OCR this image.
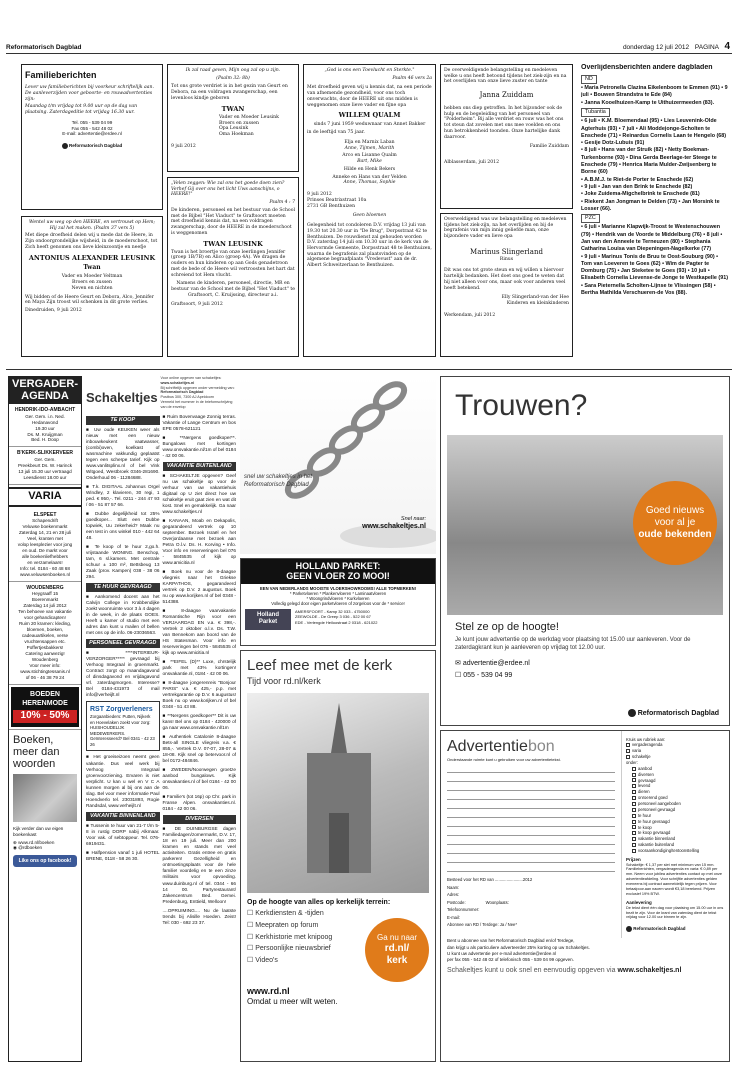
Reformatorisch Dagblad	donderdag 12 juli 2012 PAGINA 4
Familieberichten

Lever uw familieberichten bij voorkeur schriftelijk aan. De aanleverzijden voor geboorte- en rouwadvertenties zijn:

Maandag t/m vrijdag tot 9.00 uur op de dag van plaatsing. Zaterdageditie tot vrijdag 16.30 uur.

Tel. 055 - 539 04 99
Fax 055 - 542 48 02
E-mail: advertentie@erdee.nl
Reformatorisch Dagblad

Wentel uw weg op den HEERE, en vertrouwt op Hem; Hij zal het maken. (Psalm 37 vers 5)

Met diepe droefheid delen wij u mede dat de Heere, in Zijn ondoorgrondelijke wijsheid, in de moederschoot, tot Zich heeft genomen ons lieve kleinzoontje en neefje

ANTONIUS ALEXANDER LEUSINK
Twan
Vader en Moeder Veltman
Broers en zussen
Neven en nichten

Wij bidden of de Heere Geurt en Debora, Alco, Jennifer en Maya Zijn troost wil schenken in dit grote verlies.

Dinedruiden, 9 juli 2012

Ik zal raad geven, Mijn oog zal op u zijn.

(Psalm 32: 8b)

Tot ons grote verdriet is in het gezin van Geurt en Debora, na een voldragen zwangerschap, een levenloos kindje geboren

TWAN
Vader en Moeder Leusink
Broers en zussen
Opa Leusink
Oma Hoekman

9 juli 2012

„Velen zeggen: Wie zal ons het goede doen zien? Verhef Gij over ons het licht Uws aanschijns, o HEERE!"

Psalm 4 : 7

De kinderen, personeel en het bestuur van de School met de Bijbel "Het Viaduct" te Graftsoort moeten met droefheid kennis dat, na een voldragen zwangerschap, door de HEERE in de moederschoot is weggenomen

TWAN LEUSINK

Twan is het broertje van onze leerlingen Jennifer (groep 1B/7B) en Alico (groep 4A). We dragen de ouders en hun kinderen op aan Gods genadetroon met de bede of de Heere wil vertroosten het hart dat schreiend tot Hem vlucht.

Namens de kinderen, personeel, directie, MR en bestuur van de School met de Bijbel "Het Viaduct" te Graftsoort, C. Kruijssing, directeur a.i.

Graftsoort, 9 juli 2012

„God is ons een Toevlucht en Sterkte."

Psalm 46 vers 2a

Met droefheid geven wij u kennis dat, na een periode van afnemende gezondheid, voor ons toch onverwachts, door de HEERE uit ons midden is weggenomen onze lieve vader en fijne opa

WILLEM QUALM

sinds 7 juni 1959 weduwnaar van Annet Bakker

in de leeftijd van 75 jaar.

Elja en Marnix Laban
Anne, Tijmen, Marith
Arco en Lisanne Qualm
Bart, Mike
Hilde en Henk Bekers
Anneke en Hans van der Velden
Anne, Thomas, Sophie
9 juli 2012
Prinses Beatrixstraat 10a
2731 GB Benthuizen
Geen bloemen

Gelegenheid tot condoleren D.V. vrijdag 13 juli van 19.30 tot 20.30 uur in "De Brug", Dorpsstraat 42 te Benthuizen. De rouwdienst zal gehouden worden D.V. zaterdag 14 juli om 10.30 uur in de kerk van de Hervormde Gemeente, Dorpsstraat 48 te Benthuizen, waarna de begrafenis zal plaatsvinden op de algemene begraafplaats "Vredevust" aan de dr. Albert Schweitzerlaan te Benthuizen.

De overweldigende belangstelling en medeleven welke u ons heeft betoond tijdens het ziek-zijn en na het overlijden van onze lieve zuster en tante

Janna Zuiddam

hebben ons diep getroffen. In het bijzonder ook de hulp en de begeleiding van het personeel van "Polderheim". Bij alle verdriet en rouw was het ons tot steun dat zovelen met ons mee voelden en ons hun betrokkenheid toonden. Onze hartelijke dank daarvoor.

Familie Zuiddam

Alblasserdam, juli 2012

Overweldigend was uw belangstelling en medeleven tijdens het ziek-zijn, na het overlijden en bij de begrafenis van mijn innig geliefde man, onze bijzondere vader en lieve opa

Marinus Slingerland
Rinus

Dit was ons tot grote steun en wij willen u hiervoor hartelijk bedanken. Het doet ons goed te weten dat hij niet alleen voor ons, maar ook voor anderen veel heeft betekend.

Elly Slingerland-van der Hee
Kinderen en kleinkinderen

Werkendam, juli 2012

Overlijdensberichten andere dagbladen
ND
• Maria Petronella Clazina Eikelenboom te Emmen (91) • 9 juli • Bouwen Strandstra te Ede (84)
• Janna Kooelhuizen-Kamp te Uithuizermeeden (83).
Tubantia
• 6 juli • K.M. Bloemendaal (95) • Lies Leuvenink-Olde Agterhuis (93) • 7 juli • Ali Moddejonge-Scholten te Enschede (71) • Reinardus Cornelis Laan te Hengelo (68) • Gesije Dotz-Lubuis (91)
• 8 juli • Hans van der Struik (82) • Netty Boekman-Turkenborne (93) • Dina Gerda Beerlage-ter Steege te Enschede (79) • Henrica Maria Mulder-Zwijsenberg te Borne (60)
• A.B.M.J. te Riet-de Porter te Enschede (62)
• 9 juli • Jan van den Brink te Enschede (82)
• Joke Zuidema-Migchelbrink te Enschede (81)
• Riekent Jan Jongman te Delden (73) • Jan Morsink te Losser (66).
PZC
• 6 juli • Marianne Klapwijk-Troost te Westenschouwen (79) • Hendrik van de Voorde te Middelburg (76) • 8 juli • Jan van den Anneele te Terneuzen (80) • Stephania Catharina Louisa van Diepeningen-Nagelkerke (77)
• 9 juli • Marinus Tonis de Bruu te Oost-Souburg (90) • Tom van Loeveren te Goes (62) • Wim de Pagter te Domburg (75) • Jan Steketee te Goes (93) • 10 juli • Elisabeth Cornelia Lievense-de Jonge te Westkapelle (91) • Sara Pieternella Scholten-Lijnse te Vlissingen (58) • Bertha Mathilda Verschueren-de Vos (88).
VERGADER-
AGENDA
HENDRIK-IDO-AMBACHT
Ger. Gem. i.n. Ned.
Hedanavond
19.30 uur
Ds. M. Kruijgman
Bed. H. Doop
B'KERK-SLIKKERVEER
Ger. Gem.
Preekbeurt Ds. W. Harinck
13 juli 15.30 uur vertraagd
Leesdienst 18.00 uur
VARIA
ELSPEET
Schapendrift
Veluwse boekenmarkt
Zaterdag 14, 21 en 28 juli
Veel, kranten met
volop leesplezier voor jong
en oud. De markt voor
alle boekenliefhebbers
en verzamelaars!
Info: tel. 0184 - 60 48 68
www.veluwsenboeken.nl
WOUDENBERG
Heygraaff 15
Boerenmarkt
Zaterdag 14 juli 2012
Ten behoeve van vakantie
voor gehandicapten!
Ruim 20 kramen: kleding,
bloemen, boeken,
cadeauartikelen, verse
vruchtensappen etc.
Poffertjesbakkers!
Catering aanwezig!
Woudenberg
Voor meer info:
www.stichtingtessanis.nl
of 06 - 46 38 79 24
BOEDEN HERENMODE
10% - 50%
Boeken, meer dan woorden
Kijk verder dan uw eigen boekenkast
⊕ www.rd.nl/boeken
◉ @rdboeken
Like ons op facebook!
Schakeltjes
Voor online opgeven van schakeltjes:
www.schakeltjes.nl
Bij schriftelijk opgeven onder vermelding van:
Reformatorisch Dagblad
Postbus 300, 7300 AJ Apeldoorn
Vermeld het nummer in de briefomschrijving van de envelop
TE KOOP
■ Uw oude KEUKEN weer als nieuw met een nieuw inbouwkeukent vaatwasser, (combi)oven, koelkast of wasmachine vakkundig geplaatst tegen een scherpe tarief. Kijk op www.vanlitsplinx.nl of bel Vink Witgoed, Westbroek 0346-281690. Onderhoud 06 - 11284688.
■ T.k. DIGITAAL Johannus Orgel Windley, 2 klavieren, 30 regi, 1 ped. € 950,-. Tel. 0211 - 244 47 93 / 06 - 51 87 57 66.
■ Dubbe degelijkheid tot 25% goedkoper... Slutt een Dubbe topwiek, Uu zekerheid? Maak nu een test in ons winkel 010 - 442 64 48.
■ Te koop of te huur 2,go.h. vrijstaande WONING. Benschop, tam, 6 sl.kamers. Met centrale schuur ± 100 m², Bettsbeug 13 Zaak (prov. Kampen) 038 - 38 06 294.
TE HUUR GEVRAAGD
■ Aankomend docent aan het Calvijn College in Krabbendijke zoekt woonruimte voor 3 à 4 dagen in de week, in de plaats GOES. Heeft u kamer of studio met een adres dan kunt u mailen of bellen met ons op de info. 06-23036563.
PERSONEEL GEVRAAGD
■ ****INTERIEUR-VERZORGER***** gevraagd bij Verhoog Integraal in groenmarkt. Contract zorgt op maandagavond of dinsdagavond en vrijdagavond vrl. zaterdagmorgen. Interesse? Bel 0184-431973 of mail info@verheijlt.nl
RST Zorgverleners
Zorgaanbieders: Putten, Nijkerk en Hoevelaken zoekt voor zorg: HUISHOUDELIJK MEDEWERKERS. Geïnteresseerd? Bel 0341 - 42 23 26
■ Het groeiseizoen neemt geen vakantie. Dus veel werk bij Verhoog Integraal groenvoorziening. Ervaren is niet verplicht. U kan u wel en V C A kunnen morgen al bij ons aan de slag. Bel voor meer informatie Paul Hoendverlo tel. 23031893, Rogie Randsdal, www.verheijlt.nl
VAKANTIE BINNENLAND
■ Tussenin te huur van 21-7 t/m 5-8 in rustig DORP nabij Alkmaar. Voor vak. of sebtoppeur. Tel. 076-6919431.
■ Halfpension vanaf 1 juli HOTEL BRENE, 0118 - 58 26 30.
■ Ruim Bovenvaage Zonnig terras. Vakantie of Lange Centrum en bos EPE 0578-621121
■ **Nergens goedkoper**. Bungalows met kortingen www.onsvakantie.nl/1m of bel 0184 - 42 00 06.
VAKANTIE BUITENLAND
■ SCHAKELTJE opgeven? Geef nu uw schakeltje op voor de verhuur van uw vakantiehuis digitaal op U ziet direct hoe uw schakeltje eruit gaat zien en wat dit kost. Snel en gemakkelijk. Ga naar www.schakeltjes.nl
■ KANAAN, Moab en Dekapolis, gegarandeerd vertrek op 10 september. Bezoek Israël en het Overjordaanse met bezoek aan Petra O.l.v. Ds. H. Korving • Info. Voor info en reserveringen bel 076 - 5845535 of kijk op www.amicitia.nl
■ Boek nu voor de 8-daagse vliegreis naar het Griekse KARPATHOS, gegarandeerd vertrek op D.V. 2 augustus. Boek nu op www.korijken.nl of bel 0348 - 514388.
■ 8-daagse vaarvakantie Romantische Rijn voor een VERJAARDAG EN v.a. € 398,-. Vertrek 2 oktober o.l.v. Ds. T.W. van Bennekom aan boord van de HS Statesman. Voor info en reserveringen bel 076 - 5845535 of kijk op www.amicitia.nl
■ **EIFEL (D)** Luxe, chrstelijk park met 43% kortingen! onsvakantie.nl, 0184 - 42 00 06.
■ 8-daagse jongerenreis "Bonjour PARIS" v.a. € 425,- p.p. met vertrekgarantie op D.V. 6 augustus! Boek nu op www.korijken.nl of bel 0348 - 51 43 88.
■ **Nergens goedkoper** Dit is uw kans! Bel ons op 0184 - 420000 of ga naar www.onsvakantie.nl/1m
■ Authentiek Catalonië 8-daagse Bets-all SINGLE vliegreis v.a. € 855,-. Vertrek D.V. 07-07, 28-07 & 18-08. Kijk snel op betervoor.nl of bel 0172-484846.
■ ZWEDEN/Noorwegen groetze aanbod bungalows. Kijk onsvakanties.nl of bel 0184 - 42 00 06.
■ Familie's (tot 16p) op Chr. park in Franse Alpen. onsvakanties.nl. 0184 - 42 00 06.
DIVERSEN
■ DE DUINBURGSE dagen Familiedagen/zomermarkt, D.V. 17, 18 en 19 juli. Meer dan 200 kramen en stands met veel activiteiten. Gratis entree en gratis parkeren! Gezelligheid en ontmoetingsplaats voor de hele familie! voordelig en te een zinze militairs voor opvoeding. www.duinburg.nl of tel. 0344 - 66 14 00. Partyrestaurant/ Zakencentrum Bed. Gemei. Predenburg, Enttield, Welloon!
....OPRUIMING.... Nu de laatste trends bij Alisille Hoeden. Zeist! Tel: 030 - 692 23 37.
snel uw schakeltjes in het
Reformatorisch Dagblad
Snel naar:
www.schakeltjes.nl
HOLLAND PARKET:
GEEN VLOER ZO MOOI!
EEN VAN NEDERLANDS MOOISTE VLOERSHOWROOMS! ALLE TOPMERKEN!
* Parketvloeren * Plankenvloeren * Laminaatvloeren
* Woongrindvloeren * Kurkvloeren
Volledig gelegd door eigen parketvloeren of zorgeloos voor de * service!
Holland Parket
AMERSFOORT - Kamp 32 033 - 4750000
ZEEWOLDE - De Greep 3 036 - 522 00 67
EDE - Verlengde Heiloostraat 2 0318 - 621022
Leef mee met de kerk
Tijd voor rd.nl/kerk
Op de hoogte van alles op kerkelijk terrein:
☐ Kerkdiensten & -tijden
☐ Meepraten op forum
☐ Kerkhistorie met knipoog
☐ Persoonlijke nieuwsbrief
☐ Video's
Ga nu naar
rd.nl/
kerk
www.rd.nl
Omdat u meer wilt weten.
Trouwen?
Goed nieuws
voor al je
oude bekenden
Stel ze op de hoogte!
Je kunt jouw advertentie op de werkdag voor plaatsing tot 15.00 uur aanleveren. Voor de zaterdagkrant kun je aanleveren op vrijdag tot 12.00 uur.
✉ advertentie@erdee.nl
☐ 055 - 539 04 99
Reformatorisch Dagblad
Advertentiebon
Onderstaande ruimte kunt u gebruiken voor uw advertentietekst.
Besteed voor het RD van ........................2012
Naam:
Adres:
Postcode:	Woonplaats:
Telefoonnummer:
E-mail:
Abonnee van RD / Terdege: Ja / Nee*
Kruis uw rubriek aan:
vergaderagenda
varia
schakeltje
onder:
aanbod
diversen
gevraagd
levend
dieren
onroerend goed
personeel aangeboden
personeel gevraagd
te huur
te huur gevraagd
te koop
te koop gevraagd
vakantie binnenland
vakantie buitenland
vooraankondiging/tentoonstelling
Prijzen
Schakeltje: € 1,37 per slet met minimum van 15 mm. Familieberichten, vergaderagenda en varia: € 0,89 per mm. Neem voor jubilea advertenties contact op met onze advertentieafdeling. Voor schrijftie advertenties gelden eveneens bij contract aanmeldelijk tegen prijzen. Voor betaalpoor.aan nacem wordt €3,18 berekend. Prijzen exclusief 19% BTW.
Aanlevering
De tekst dient één dag voor plaatsing om 15.00 uur in ons bezit te zijn. Voor de krant van zaterdag dient de tekst vrijdag voor 12.00 uur binnen te zijn.
Reformatorisch Dagblad
Bent u abonnee van het Reformatorisch Dagblad en/of Terdege,
dan krijgt u als particuliere adverteerder 25% korting op uw Schakeltjes.
U kunt uw advertentie per e-mail advertentie@erdee.nl
per fax 055 - 542 48 02 of telefonisch 055 - 539 04 99 opgeven.
Schakeltjes kunt u ook snel en eenvoudig opgeven via www.schakeltjes.nl
